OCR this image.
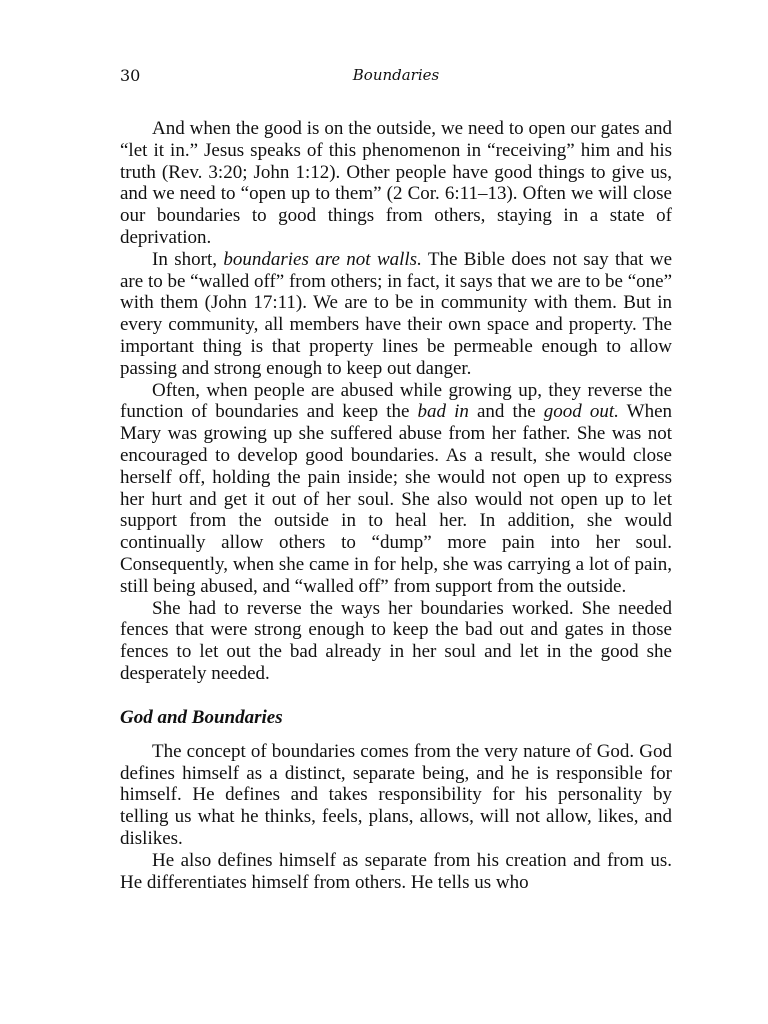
30	Boundaries

And when the good is on the outside, we need to open our gates and “let it in.” Jesus speaks of this phenomenon in “receiving” him and his truth (Rev. 3:20; John 1:12). Other people have good things to give us, and we need to “open up to them” (2 Cor. 6:11–13). Often we will close our boundaries to good things from others, staying in a state of deprivation.

In short, boundaries are not walls. The Bible does not say that we are to be “walled off” from others; in fact, it says that we are to be “one” with them (John 17:11). We are to be in community with them. But in every community, all members have their own space and property. The important thing is that property lines be permeable enough to allow passing and strong enough to keep out danger.

Often, when people are abused while growing up, they reverse the function of boundaries and keep the bad in and the good out. When Mary was growing up she suffered abuse from her father. She was not encouraged to develop good boundaries. As a result, she would close herself off, holding the pain inside; she would not open up to express her hurt and get it out of her soul. She also would not open up to let support from the outside in to heal her. In addition, she would continually allow others to “dump” more pain into her soul. Consequently, when she came in for help, she was carrying a lot of pain, still being abused, and “walled off” from support from the outside.

She had to reverse the ways her boundaries worked. She needed fences that were strong enough to keep the bad out and gates in those fences to let out the bad already in her soul and let in the good she desperately needed.

God and Boundaries

The concept of boundaries comes from the very nature of God. God defines himself as a distinct, separate being, and he is responsible for himself. He defines and takes responsibility for his personality by telling us what he thinks, feels, plans, allows, will not allow, likes, and dislikes.

He also defines himself as separate from his creation and from us. He differentiates himself from others. He tells us who
